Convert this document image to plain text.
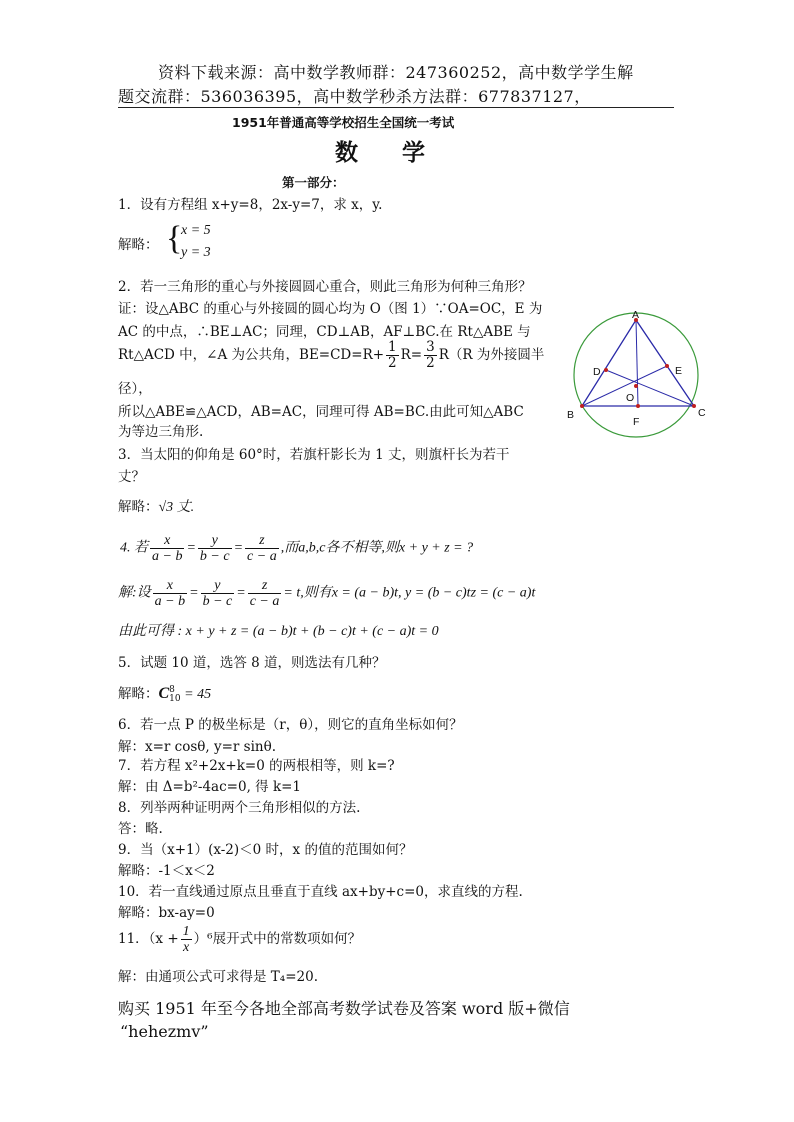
资料下载来源：高中数学教师群：247360252，高中数学学生解
题交流群：536036395，高中数学秒杀方法群：677837127，
1951年普通高等学校招生全国统一考试
数 学
第一部分：
1．设有方程组 x+y=8，2x-y=7，求 x，y.
解略： {
x = 5
y = 3
2．若一三角形的重心与外接圆圆心重合，则此三角形为何种三角形？
证：设△ABC 的重心与外接圆的圆心均为 O（图 1）∵OA=OC，E 为
AC 的中点，∴BE⊥AC；同理，CD⊥AB，AF⊥BC.在 Rt△ABE 与
Rt△ACD 中，∠A 为公共角，$BE=CD=R+ \frac{1}{2} R= \frac{3}{2} R(R$ 为外接圆半
径），
所以△ABE≌△ACD，AB=AC，同理可得 AB=BC.由此可知△ABC
为等边三角形.
A
B	C
D	E
F
O
3．当太阳的仰角是 60°时，若旗杆影长为 1 丈，则旗杆长为若干
丈？
解略：√3 丈.
4. 若 $\frac{x}{a - b} = \frac{y}{b - c} = \frac{z}{c - a}$ ,而a,b,c各不相等,则x + y + z = ?
解:设 $\frac{x}{a - b} = \frac{y}{b - c} = \frac{z}{c - a} = t$,则有x = (a − b)t, y = (b − c)tz = (c − a)t
由此可得 : x + y + z = (a − b)t + (b − c)t + (c − a)t = 0
5．试题 10 道，选答 8 道，则选法有几种？
解略：C 8
10 = 45
6．若一点 P 的极坐标是（r，θ），则它的直角坐标如何？
解：x=r cosθ, y=r sinθ.
7．若方程 x²+2x+k=0 的两根相等，则 k=?
解：由 Δ=b²-4ac=0, 得 k=1
8．列举两种证明两个三角形相似的方法.
答：略.
9．当（x+1）(x-2)＜0 时，x 的值的范围如何？
解略：-1＜x＜2
10．若一直线通过原点且垂直于直线 ax+by+c=0，求直线的方程.
解略：bx-ay=0
11．$(x + \frac{1}{x} )^6$展开式中的常数项如何？
解：由通项公式可求得是 T₄=20.
购买 1951 年至今各地全部高考数学试卷及答案 word 版+微信
“hehezmv”
